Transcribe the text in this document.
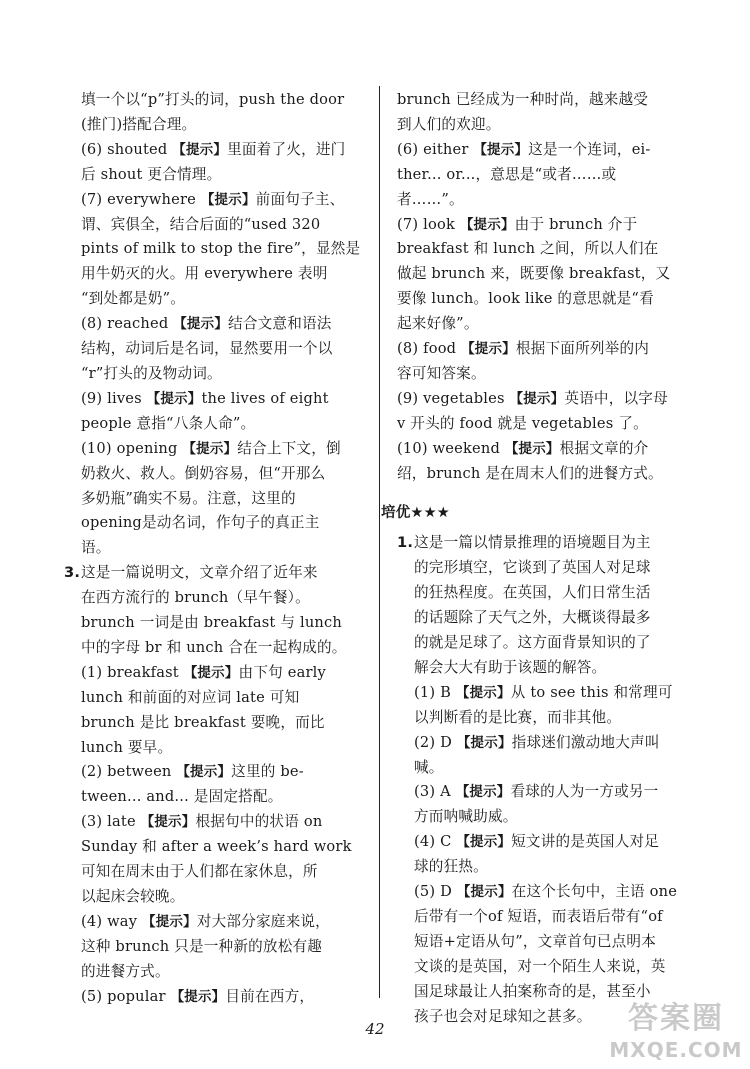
填一个以“p”打头的词，push the door
(推门)搭配合理。

(6) shouted 【提示】里面着了火，进门
后 shout 更合情理。

(7) everywhere 【提示】前面句子主、
谓、宾俱全，结合后面的“used 320
pints of milk to stop the fire”，显然是
用牛奶灭的火。用 everywhere 表明
“到处都是奶”。

(8) reached 【提示】结合文意和语法
结构，动词后是名词，显然要用一个以
“r”打头的及物动词。

(9) lives 【提示】the lives of eight
people 意指“八条人命”。

(10) opening 【提示】结合上下文，倒
奶救火、救人。倒奶容易，但“开那么
多奶瓶”确实不易。注意，这里的
opening是动名词，作句子的真正主
语。

3.这是一篇说明文，文章介绍了近年来
在西方流行的 brunch（早午餐）。
brunch 一词是由 breakfast 与 lunch
中的字母 br 和 unch 合在一起构成的。

(1) breakfast 【提示】由下句 early
lunch 和前面的对应词 late 可知
brunch 是比 breakfast 要晚，而比
lunch 要早。

(2) between 【提示】这里的 be-
tween... and... 是固定搭配。

(3) late 【提示】根据句中的状语 on
Sunday 和 after a week’s hard work
可知在周末由于人们都在家休息，所
以起床会较晚。

(4) way 【提示】对大部分家庭来说，
这种 brunch 只是一种新的放松有趣
的进餐方式。

(5) popular 【提示】目前在西方，

brunch 已经成为一种时尚，越来越受
到人们的欢迎。

(6) either 【提示】这是一个连词，ei-
ther... or...，意思是“或者……或
者……”。

(7) look 【提示】由于 brunch 介于
breakfast 和 lunch 之间，所以人们在
做起 brunch 来，既要像 breakfast，又
要像 lunch。look like 的意思就是“看
起来好像”。

(8) food 【提示】根据下面所列举的内
容可知答案。

(9) vegetables 【提示】英语中，以字母
v 开头的 food 就是 vegetables 了。

(10) weekend 【提示】根据文章的介
绍，brunch 是在周末人们的进餐方式。

培优★★★

1.这是一篇以情景推理的语境题目为主
的完形填空，它谈到了英国人对足球
的狂热程度。在英国，人们日常生活
的话题除了天气之外，大概谈得最多
的就是足球了。这方面背景知识的了
解会大大有助于该题的解答。

(1) B 【提示】从 to see this 和常理可
以判断看的是比赛，而非其他。

(2) D 【提示】指球迷们激动地大声叫喊。

(3) A 【提示】看球的人为一方或另一
方而呐喊助威。

(4) C 【提示】短文讲的是英国人对足
球的狂热。

(5) D 【提示】在这个长句中，主语 one
后带有一个of 短语，而表语后带有“of
短语+定语从句”，文章首句已点明本
文谈的是英国，对一个陌生人来说，英
国足球最让人拍案称奇的是，甚至小
孩子也会对足球知之甚多。

42	答案圈
MXQE.COM
